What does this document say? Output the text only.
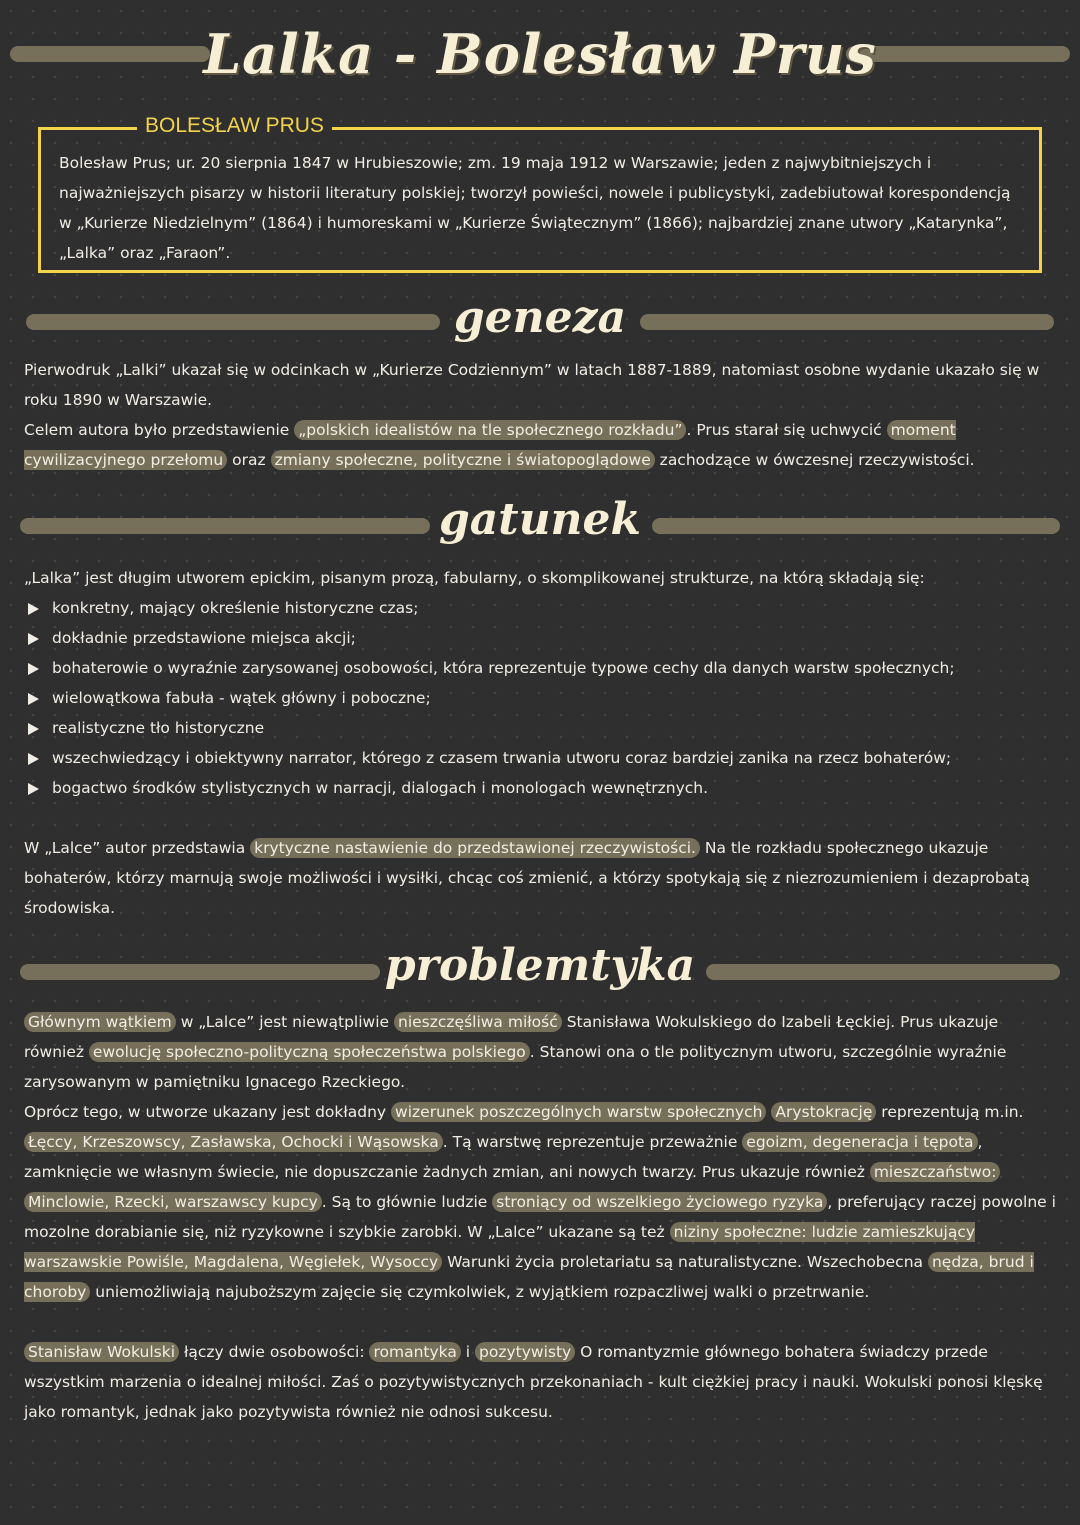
Lalka - Bolesław Prus
BOLESŁAW PRUS
Bolesław Prus; ur. 20 sierpnia 1847 w Hrubieszowie; zm. 19 maja 1912 w Warszawie; jeden z najwybitniejszych i najważniejszych pisarzy w historii literatury polskiej; tworzył powieści, nowele i publicystyki, zadebiutował korespondencją w „Kurierze Niedzielnym” (1864) i humoreskami w „Kurierze Świątecznym” (1866); najbardziej znane utwory „Katarynka”, „Lalka” oraz „Faraon”.
geneza

Pierwodruk „Lalki” ukazał się w odcinkach w „Kurierze Codziennym” w latach 1887-1889, natomiast osobne wydanie ukazało się w roku 1890 w Warszawie.

Celem autora było przedstawienie „polskich idealistów na tle społecznego rozkładu” . Prus starał się uchwycić moment cywilizacyjnego przełomu oraz zmiany społeczne, polityczne i światopoglądowe zachodzące w ówczesnej rzeczywistości.

gatunek

„Lalka” jest długim utworem epickim, pisanym prozą, fabularny, o skomplikowanej strukturze, na którą składają się:

konkretny, mający określenie historyczne czas;
dokładnie przedstawione miejsca akcji;
bohaterowie o wyraźnie zarysowanej osobowości, która reprezentuje typowe cechy dla danych warstw społecznych;
wielowątkowa fabuła - wątek główny i poboczne;
realistyczne tło historyczne
wszechwiedzący i obiektywny narrator, którego z czasem trwania utworu coraz bardziej zanika na rzecz bohaterów;
bogactwo środków stylistycznych w narracji, dialogach i monologach wewnętrznych.

W „Lalce” autor przedstawia krytyczne nastawienie do przedstawionej rzeczywistości. Na tle rozkładu społecznego ukazuje bohaterów, którzy marnują swoje możliwości i wysiłki, chcąc coś zmienić, a którzy spotykają się z niezrozumieniem i dezaprobatą środowiska.

problemtyka

Głównym wątkiem w „Lalce” jest niewątpliwie nieszczęśliwa miłość Stanisława Wokulskiego do Izabeli Łęckiej. Prus ukazuje również ewolucję społeczno-polityczną społeczeństwa polskiego . Stanowi ona o tle politycznym utworu, szczególnie wyraźnie zarysowanym w pamiętniku Ignacego Rzeckiego.

Oprócz tego, w utworze ukazany jest dokładny wizerunek poszczególnych warstw społecznych Arystokrację reprezentują m.in. Łęccy, Krzeszowscy, Zasławska, Ochocki i Wąsowska . Tą warstwę reprezentuje przeważnie egoizm, degeneracja i tępota , zamknięcie we własnym świecie, nie dopuszczanie żadnych zmian, ani nowych twarzy. Prus ukazuje również mieszczaństwo: Minclowie, Rzecki, warszawscy kupcy . Są to głównie ludzie stroniący od wszelkiego życiowego ryzyka , preferujący raczej powolne i mozolne dorabianie się, niż ryzykowne i szybkie zarobki. W „Lalce” ukazane są też niziny społeczne: ludzie zamieszkujący warszawskie Powiśle, Magdalena, Węgiełek, Wysoccy Warunki życia proletariatu są naturalistyczne. Wszechobecna nędza, brud i choroby uniemożliwiają najuboższym zajęcie się czymkolwiek, z wyjątkiem rozpaczliwej walki o przetrwanie.

Stanisław Wokulski łączy dwie osobowości: romantyka i pozytywisty O romantyzmie głównego bohatera świadczy przede wszystkim marzenia o idealnej miłości. Zaś o pozytywistycznych przekonaniach - kult ciężkiej pracy i nauki. Wokulski ponosi klęskę jako romantyk, jednak jako pozytywista również nie odnosi sukcesu.
